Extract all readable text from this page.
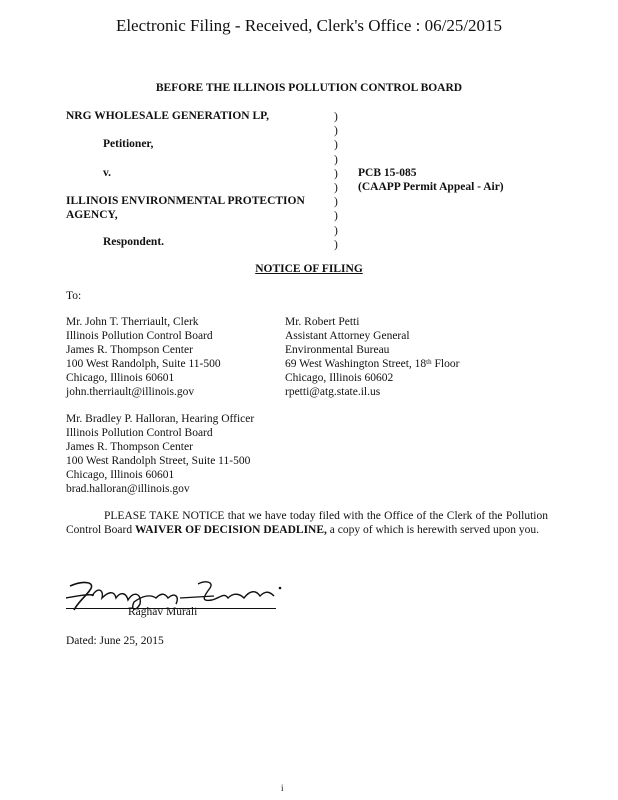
Electronic Filing - Received, Clerk's Office : 06/25/2015
BEFORE THE ILLINOIS POLLUTION CONTROL BOARD
NRG WHOLESALE GENERATION LP,
Petitioner,
v.
ILLINOIS ENVIRONMENTAL PROTECTION
AGENCY,
Respondent.
)
)
)
)
)
)
)
)
)
)
PCB 15-085
(CAAPP Permit Appeal - Air)
NOTICE OF FILING
To:
Mr. John T. Therriault, Clerk
Illinois Pollution Control Board
James R. Thompson Center
100 West Randolph, Suite 11-500
Chicago, Illinois 60601
john.therriault@illinois.gov
Mr. Robert Petti
Assistant Attorney General
Environmental Bureau
69 West Washington Street, 18th Floor
Chicago, Illinois 60602
rpetti@atg.state.il.us
Mr. Bradley P. Halloran, Hearing Officer
Illinois Pollution Control Board
James R. Thompson Center
100 West Randolph Street, Suite 11-500
Chicago, Illinois 60601
brad.halloran@illinois.gov
PLEASE TAKE NOTICE that we have today filed with the Office of the Clerk of the Pollution Control Board WAIVER OF DECISION DEADLINE, a copy of which is herewith served upon you.
Raghav Murali
Dated: June 25, 2015
i
